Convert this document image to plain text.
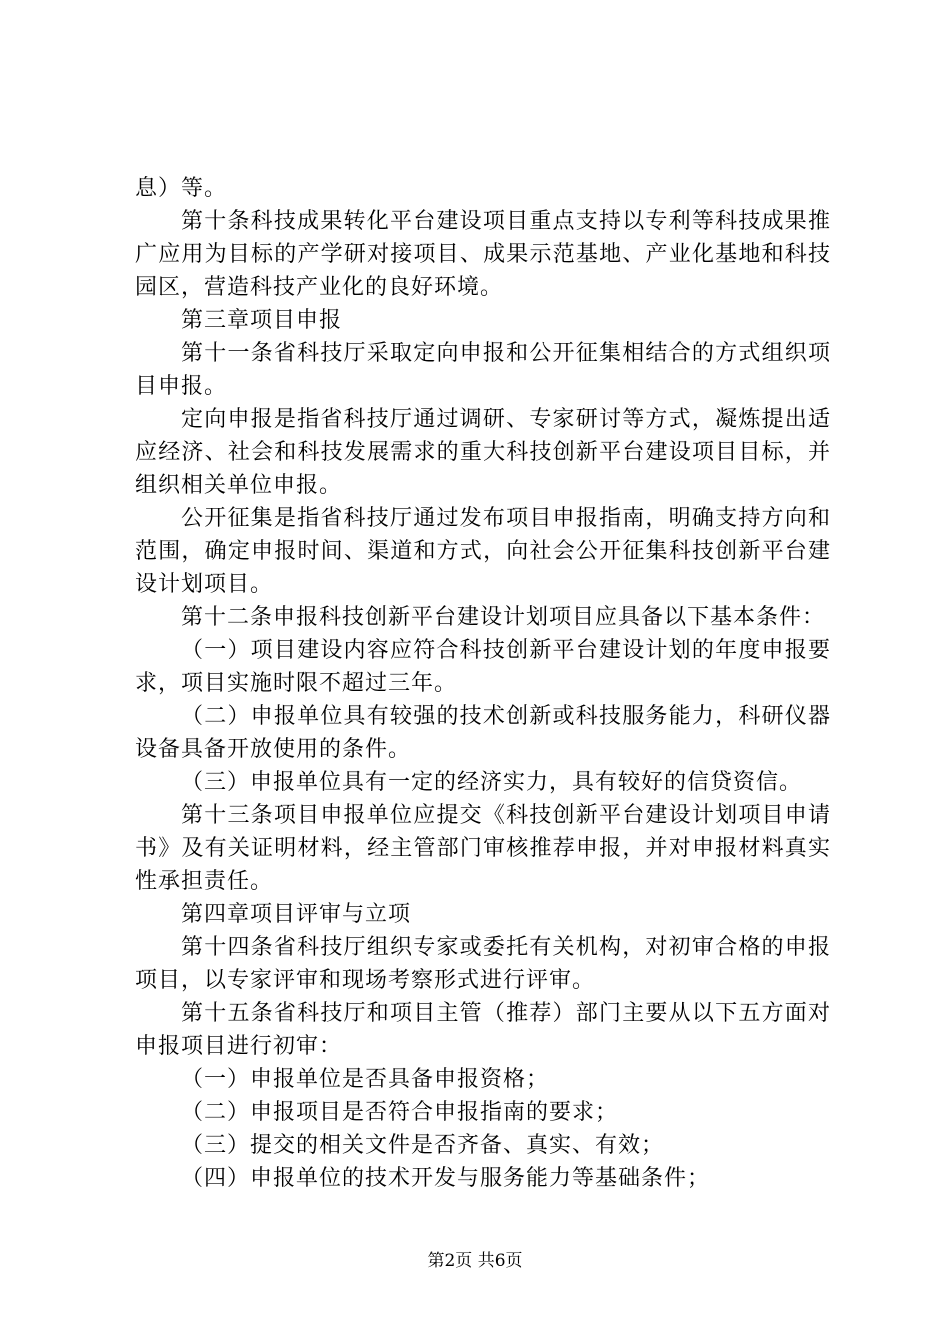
息）等。

第十条科技成果转化平台建设项目重点支持以专利等科技成果推广应用为目标的产学研对接项目、成果示范基地、产业化基地和科技园区，营造科技产业化的良好环境。

第三章项目申报

第十一条省科技厅采取定向申报和公开征集相结合的方式组织项目申报。

定向申报是指省科技厅通过调研、专家研讨等方式，凝炼提出适应经济、社会和科技发展需求的重大科技创新平台建设项目目标，并组织相关单位申报。

公开征集是指省科技厅通过发布项目申报指南，明确支持方向和范围，确定申报时间、渠道和方式，向社会公开征集科技创新平台建设计划项目。

第十二条申报科技创新平台建设计划项目应具备以下基本条件：

（一）项目建设内容应符合科技创新平台建设计划的年度申报要求，项目实施时限不超过三年。

（二）申报单位具有较强的技术创新或科技服务能力，科研仪器设备具备开放使用的条件。

（三）申报单位具有一定的经济实力，具有较好的信贷资信。

第十三条项目申报单位应提交《科技创新平台建设计划项目申请书》及有关证明材料，经主管部门审核推荐申报，并对申报材料真实性承担责任。

第四章项目评审与立项

第十四条省科技厅组织专家或委托有关机构，对初审合格的申报项目，以专家评审和现场考察形式进行评审。

第十五条省科技厅和项目主管（推荐）部门主要从以下五方面对申报项目进行初审：

（一）申报单位是否具备申报资格；

（二）申报项目是否符合申报指南的要求；

（三）提交的相关文件是否齐备、真实、有效；

（四）申报单位的技术开发与服务能力等基础条件；

第2页 共6页
